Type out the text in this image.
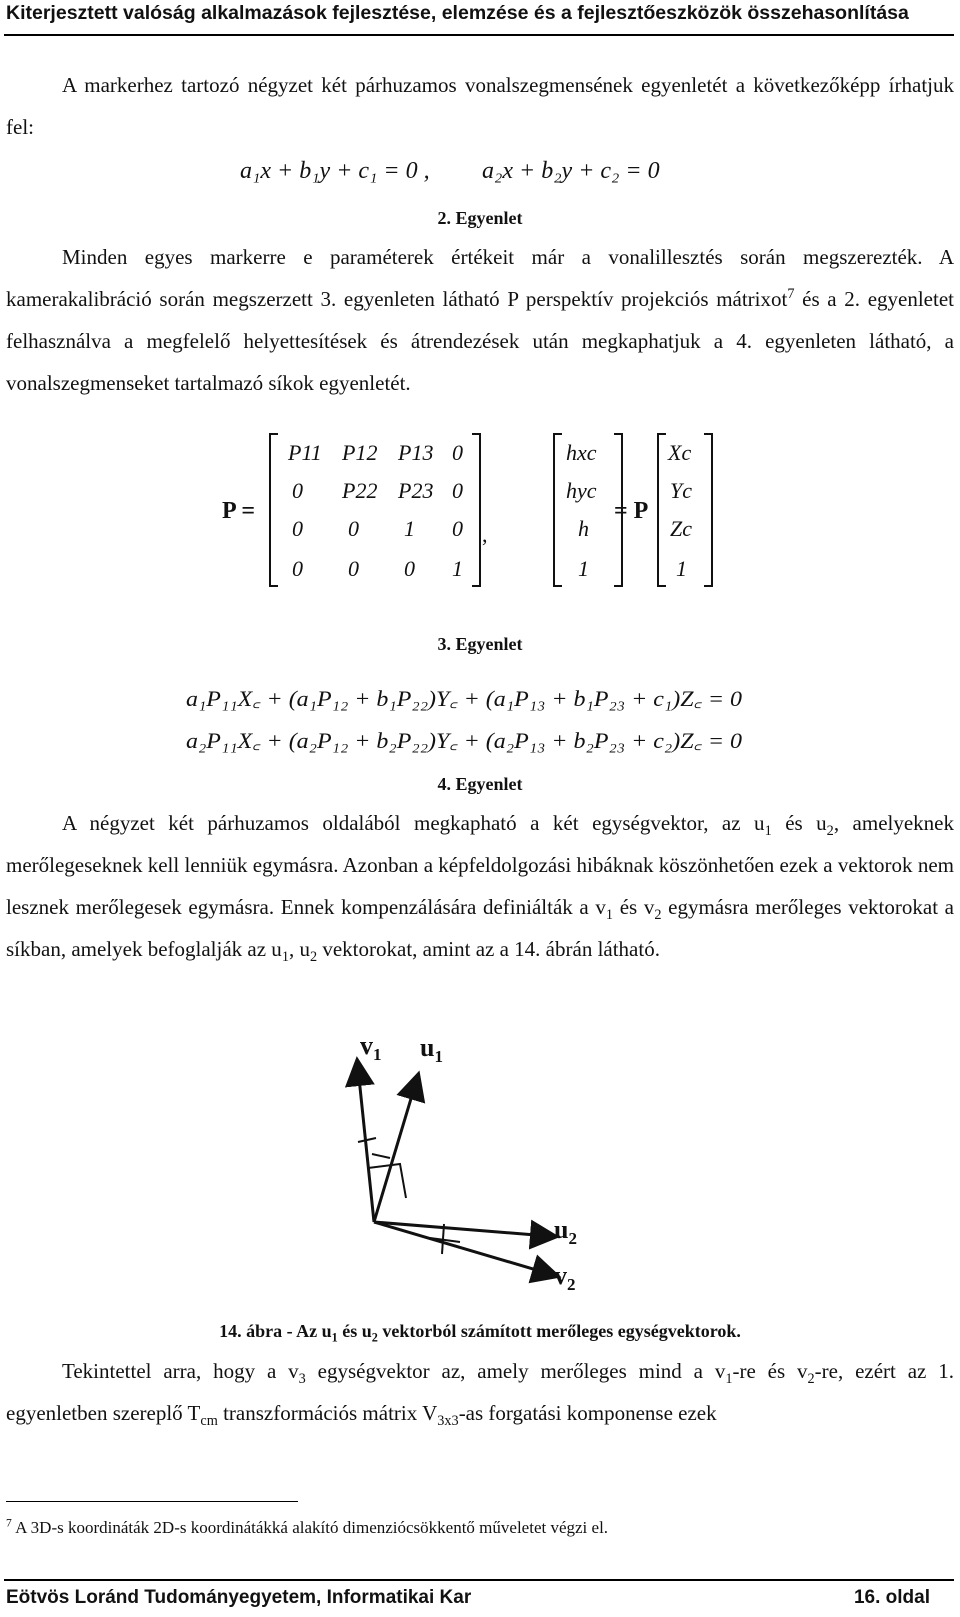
Kiterjesztett valóság alkalmazások fejlesztése, elemzése és a fejlesztőeszközök összehasonlítása

A markerhez tartozó négyzet két párhuzamos vonalszegmensének egyenletét a következőképp írhatjuk fel:

a₁x + b₁y + c₁ = 0 , a₂x + b₂y + c₂ = 0
2. Egyenlet

Minden egyes markerre e paraméterek értékeit már a vonalillesztés során megszerezték. A kamerakalibráció során megszerzett 3. egyenleten látható P perspektív projekciós mátrixot$^7$ és a 2. egyenletet felhasználva a megfelelő helyettesítések és átrendezések után megkaphatjuk a 4. egyenleten látható, a vonalszegmenseket tartalmazó síkok egyenletét.

P =
P11 P12 P13 0
0 P22 P23 0
0 0 1 0
0 0 0 1
,
hxc
hyc
h
1
= P
Xc
Yc
Zc
1
3. Egyenlet
a₁P₁₁X꜀ + (a₁P₁₂ + b₁P₂₂)Y꜀ + (a₁P₁₃ + b₁P₂₃ + c₁)Z꜀ = 0
a₂P₁₁X꜀ + (a₂P₁₂ + b₂P₂₂)Y꜀ + (a₂P₁₃ + b₂P₂₃ + c₂)Z꜀ = 0
4. Egyenlet

A négyzet két párhuzamos oldalából megkapható a két egységvektor, az $u_1$ és $u_2$, amelyeknek merőlegeseknek kell lenniük egymásra. Azonban a képfeldolgozási hibáknak köszönhetően ezek a vektorok nem lesznek merőlegesek egymásra. Ennek kompenzálására definiálták a $v_1$ és $v_2$ egymásra merőleges vektorokat a síkban, amelyek befoglalják az $u_1$, $u_2$ vektorokat, amint az a 14. ábrán látható.

$v_1$ $u_1$
$u_2$
$v_2$
14. ábra - Az $u_1$ és $u_2$ vektorból számított merőleges egységvektorok.

Tekintettel arra, hogy a $v_3$ egységvektor az, amely merőleges mind a $v_1-re$ és $v_2-re$, ezért az 1. egyenletben szereplő $T_{cm}$ transzformációs mátrix $V_{3x3}-as$ forgatási komponense ezek

$^7$ A 3D-s koordináták 2D-s koordinátákká alakító dimenziócsökkentő műveletet végzi el.
Eötvös Loránd Tudományegyetem, Informatikai Kar	16. oldal
